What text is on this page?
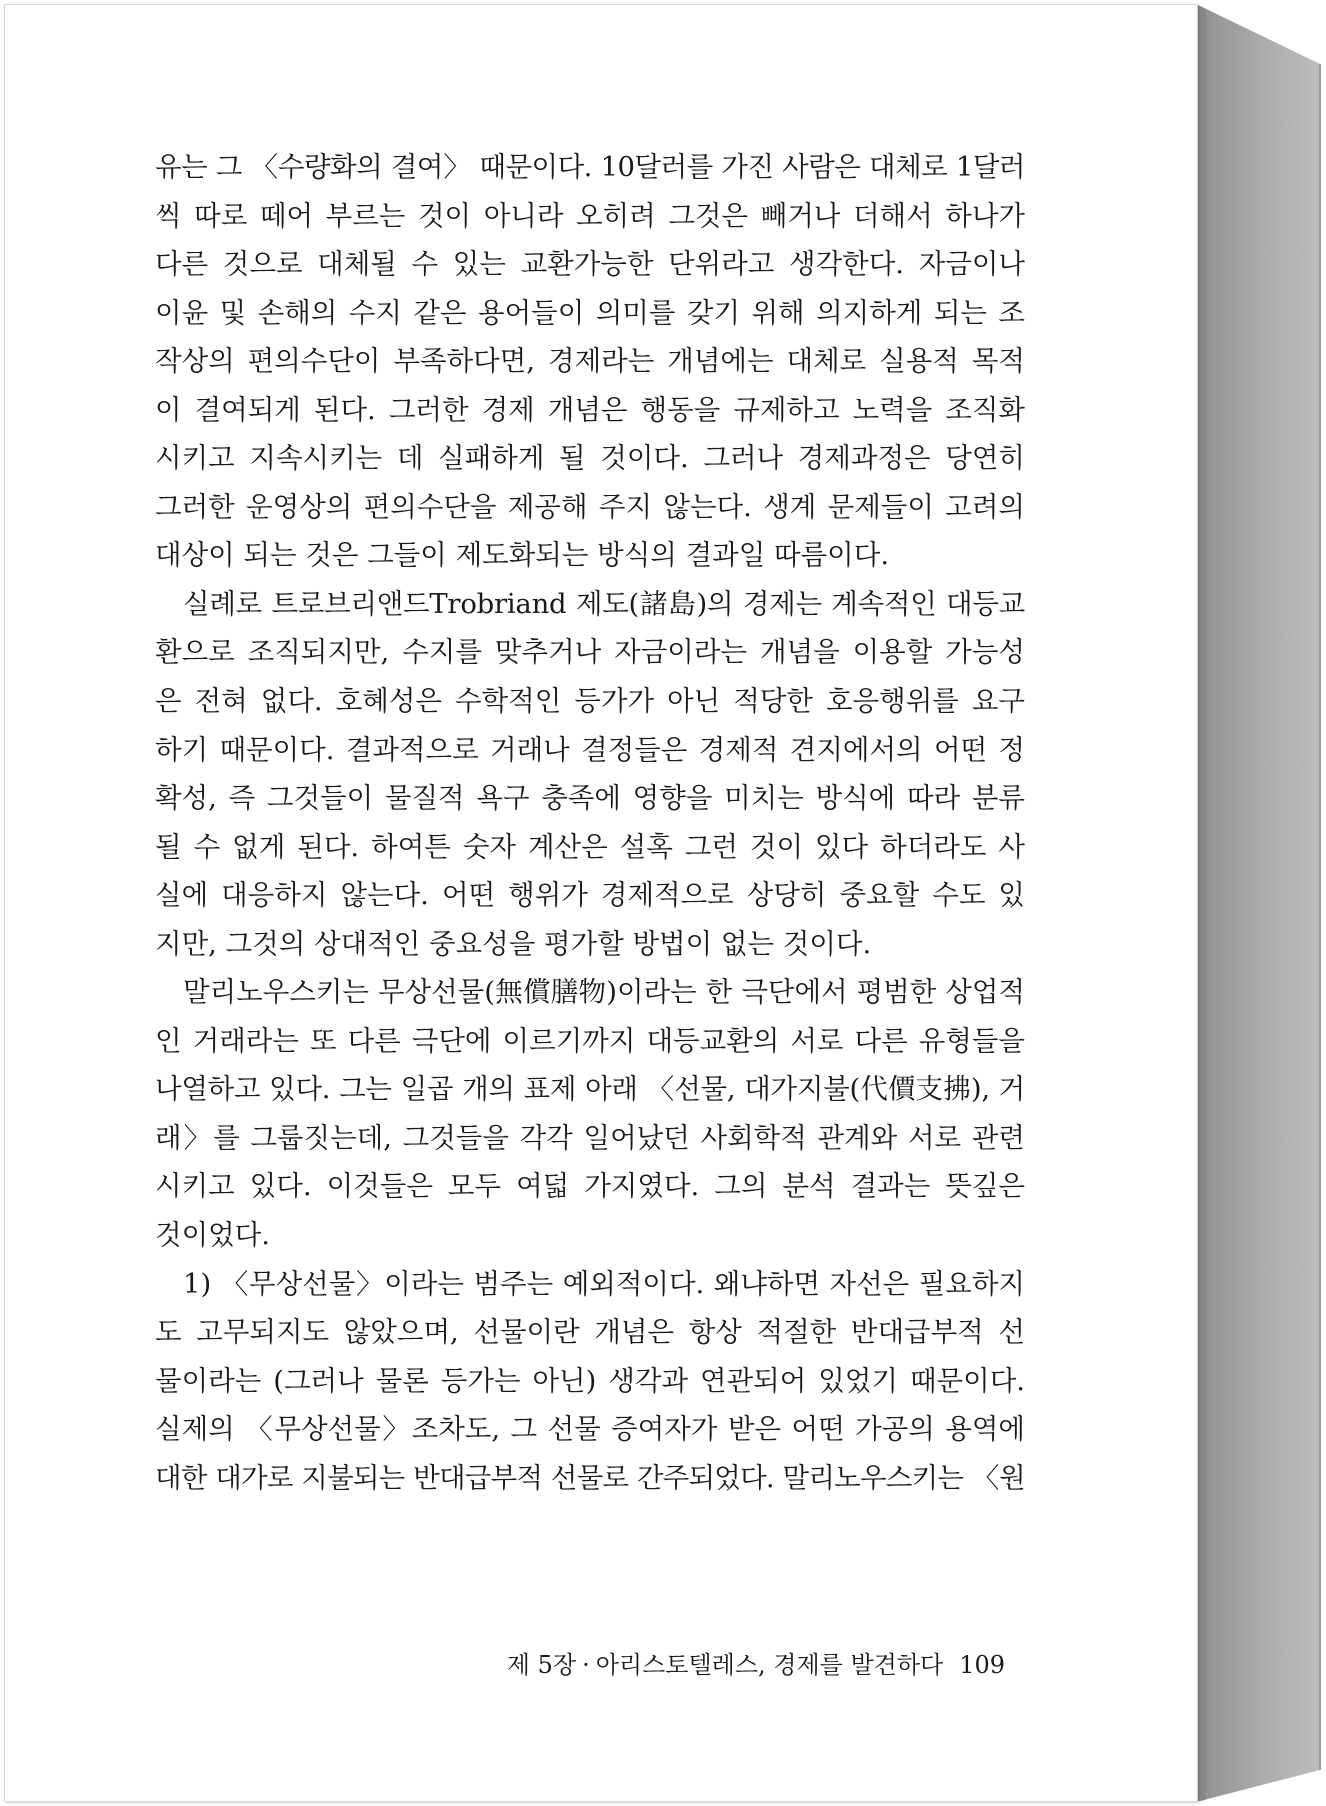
유는 그 〈수량화의 결여〉 때문이다. 10달러를 가진 사람은 대체로 1달러
씩 따로 떼어 부르는 것이 아니라 오히려 그것은 빼거나 더해서 하나가
다른 것으로 대체될 수 있는 교환가능한 단위라고 생각한다. 자금이나
이윤 및 손해의 수지 같은 용어들이 의미를 갖기 위해 의지하게 되는 조
작상의 편의수단이 부족하다면, 경제라는 개념에는 대체로 실용적 목적
이 결여되게 된다. 그러한 경제 개념은 행동을 규제하고 노력을 조직화
시키고 지속시키는 데 실패하게 될 것이다. 그러나 경제과정은 당연히
그러한 운영상의 편의수단을 제공해 주지 않는다. 생계 문제들이 고려의
대상이 되는 것은 그들이 제도화되는 방식의 결과일 따름이다.
실례로 트로브리앤드Trobriand 제도(諸島)의 경제는 계속적인 대등교
환으로 조직되지만, 수지를 맞추거나 자금이라는 개념을 이용할 가능성
은 전혀 없다. 호혜성은 수학적인 등가가 아닌 적당한 호응행위를 요구
하기 때문이다. 결과적으로 거래나 결정들은 경제적 견지에서의 어떤 정
확성, 즉 그것들이 물질적 욕구 충족에 영향을 미치는 방식에 따라 분류
될 수 없게 된다. 하여튼 숫자 계산은 설혹 그런 것이 있다 하더라도 사
실에 대응하지 않는다. 어떤 행위가 경제적으로 상당히 중요할 수도 있
지만, 그것의 상대적인 중요성을 평가할 방법이 없는 것이다.
말리노우스키는 무상선물(無償膳物)이라는 한 극단에서 평범한 상업적
인 거래라는 또 다른 극단에 이르기까지 대등교환의 서로 다른 유형들을
나열하고 있다. 그는 일곱 개의 표제 아래 〈선물, 대가지불(代價支拂), 거
래〉를 그룹짓는데, 그것들을 각각 일어났던 사회학적 관계와 서로 관련
시키고 있다. 이것들은 모두 여덟 가지였다. 그의 분석 결과는 뜻깊은
것이었다.
1) 〈무상선물〉이라는 범주는 예외적이다. 왜냐하면 자선은 필요하지
도 고무되지도 않았으며, 선물이란 개념은 항상 적절한 반대급부적 선
물이라는 (그러나 물론 등가는 아닌) 생각과 연관되어 있었기 때문이다.
실제의 〈무상선물〉조차도, 그 선물 증여자가 받은 어떤 가공의 용역에
대한 대가로 지불되는 반대급부적 선물로 간주되었다. 말리노우스키는 〈원
제 5장 · 아리스토텔레스, 경제를 발견하다 109
